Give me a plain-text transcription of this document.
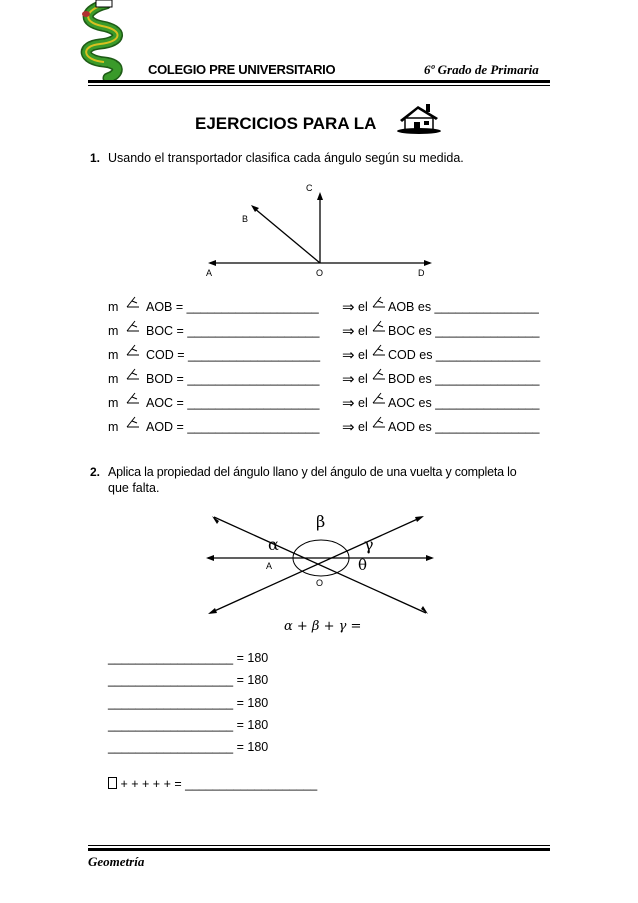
COLEGIO PRE UNIVERSITARIO	6º Grado de Primaria
EJERCICIOS PARA LA
1. Usando el transportador clasifica cada ángulo según su medida.
C
B
A	O	D
m AOB = ___________________ ⇒ el AOB es _______________
m BOC = ___________________ ⇒ el BOC es _______________
m COD = ___________________ ⇒ el COD es _______________
m BOD = ___________________ ⇒ el BOD es _______________
m AOC = ___________________ ⇒ el AOC es _______________
m AOD = ___________________ ⇒ el AOD es _______________
2. Aplica la propiedad del ángulo llano y del ángulo de una vuelta y completa lo
que falta.
β
α	γ
θ
A
O
α + β + γ =
__________________ = 180
__________________ = 180
__________________ = 180
__________________ = 180
__________________ = 180
+ + + + + = ___________________
Geometría
